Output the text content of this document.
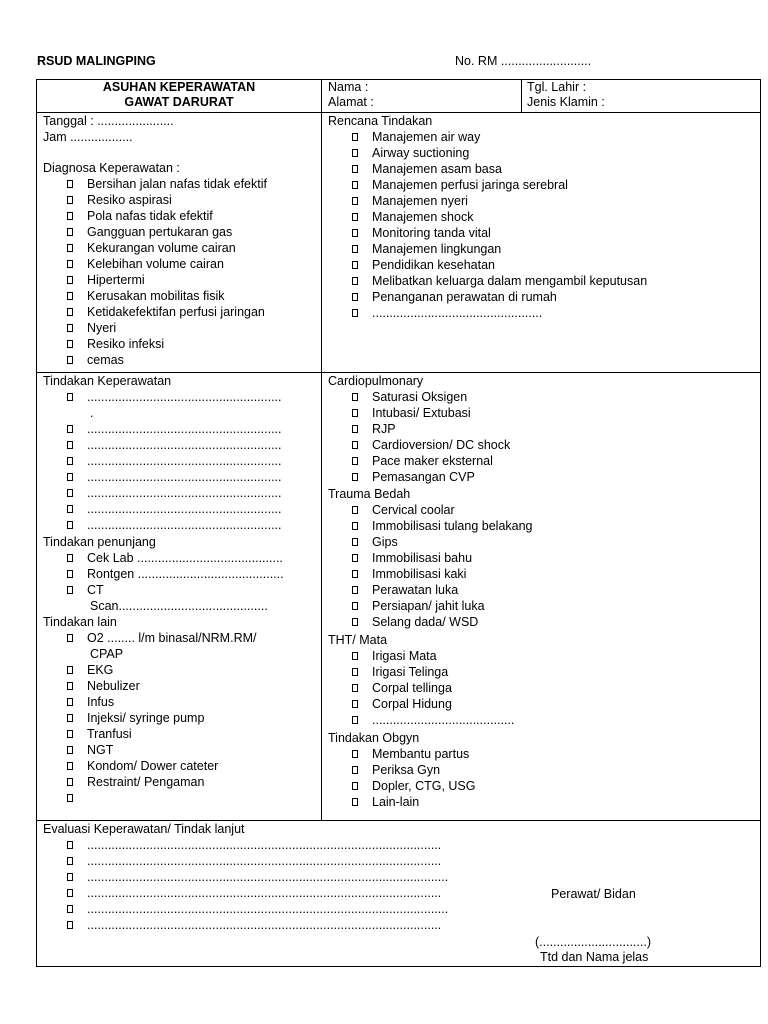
RSUD MALINGPING	No. RM ..........................
ASUHAN KEPERAWATAN
GAWAT DARURAT
Nama :
Alamat :
Tgl. Lahir :
Jenis Klamin :
Tanggal : ......................
Jam ..................
Diagnosa Keperawatan :
Bersihan jalan nafas tidak efektif
Resiko aspirasi
Pola nafas tidak efektif
Gangguan pertukaran gas
Kekurangan volume cairan
Kelebihan volume cairan
Hipertermi
Kerusakan mobilitas fisik
Ketidakefektifan perfusi jaringan
Nyeri
Resiko infeksi
cemas
Rencana Tindakan
Manajemen air way
Airway suctioning
Manajemen asam basa
Manajemen perfusi jaringa serebral
Manajemen nyeri
Manajemen shock
Monitoring tanda vital
Manajemen lingkungan
Pendidikan kesehatan
Melibatkan keluarga dalam mengambil keputusan
Penanganan perawatan di rumah
.................................................
Tindakan Keperawatan
........................................................
.
........................................................
........................................................
........................................................
........................................................
........................................................
........................................................
........................................................
Tindakan penunjang
Cek Lab ..........................................
Rontgen ..........................................
CT
Scan...........................................
Tindakan lain
O2 ........ l/m binasal/NRM.RM/
CPAP
EKG
Nebulizer
Infus
Injeksi/ syringe pump
Tranfusi
NGT
Kondom/ Dower cateter
Restraint/ Pengaman
Cardiopulmonary
Saturasi Oksigen
Intubasi/ Extubasi
RJP
Cardioversion/ DC shock
Pace maker eksternal
Pemasangan CVP
Trauma Bedah
Cervical coolar
Immobilisasi tulang belakang
Gips
Immobilisasi bahu
Immobilisasi kaki
Perawatan luka
Persiapan/ jahit luka
Selang dada/ WSD
THT/ Mata
Irigasi Mata
Irigasi Telinga
Corpal tellinga
Corpal Hidung
.........................................
Tindakan Obgyn
Membantu partus
Periksa Gyn
Dopler, CTG, USG
Lain-lain
Evaluasi Keperawatan/ Tindak lanjut
......................................................................................................
......................................................................................................
........................................................................................................
......................................................................................................
........................................................................................................
......................................................................................................
Perawat/ Bidan
(...............................)
Ttd dan Nama jelas
